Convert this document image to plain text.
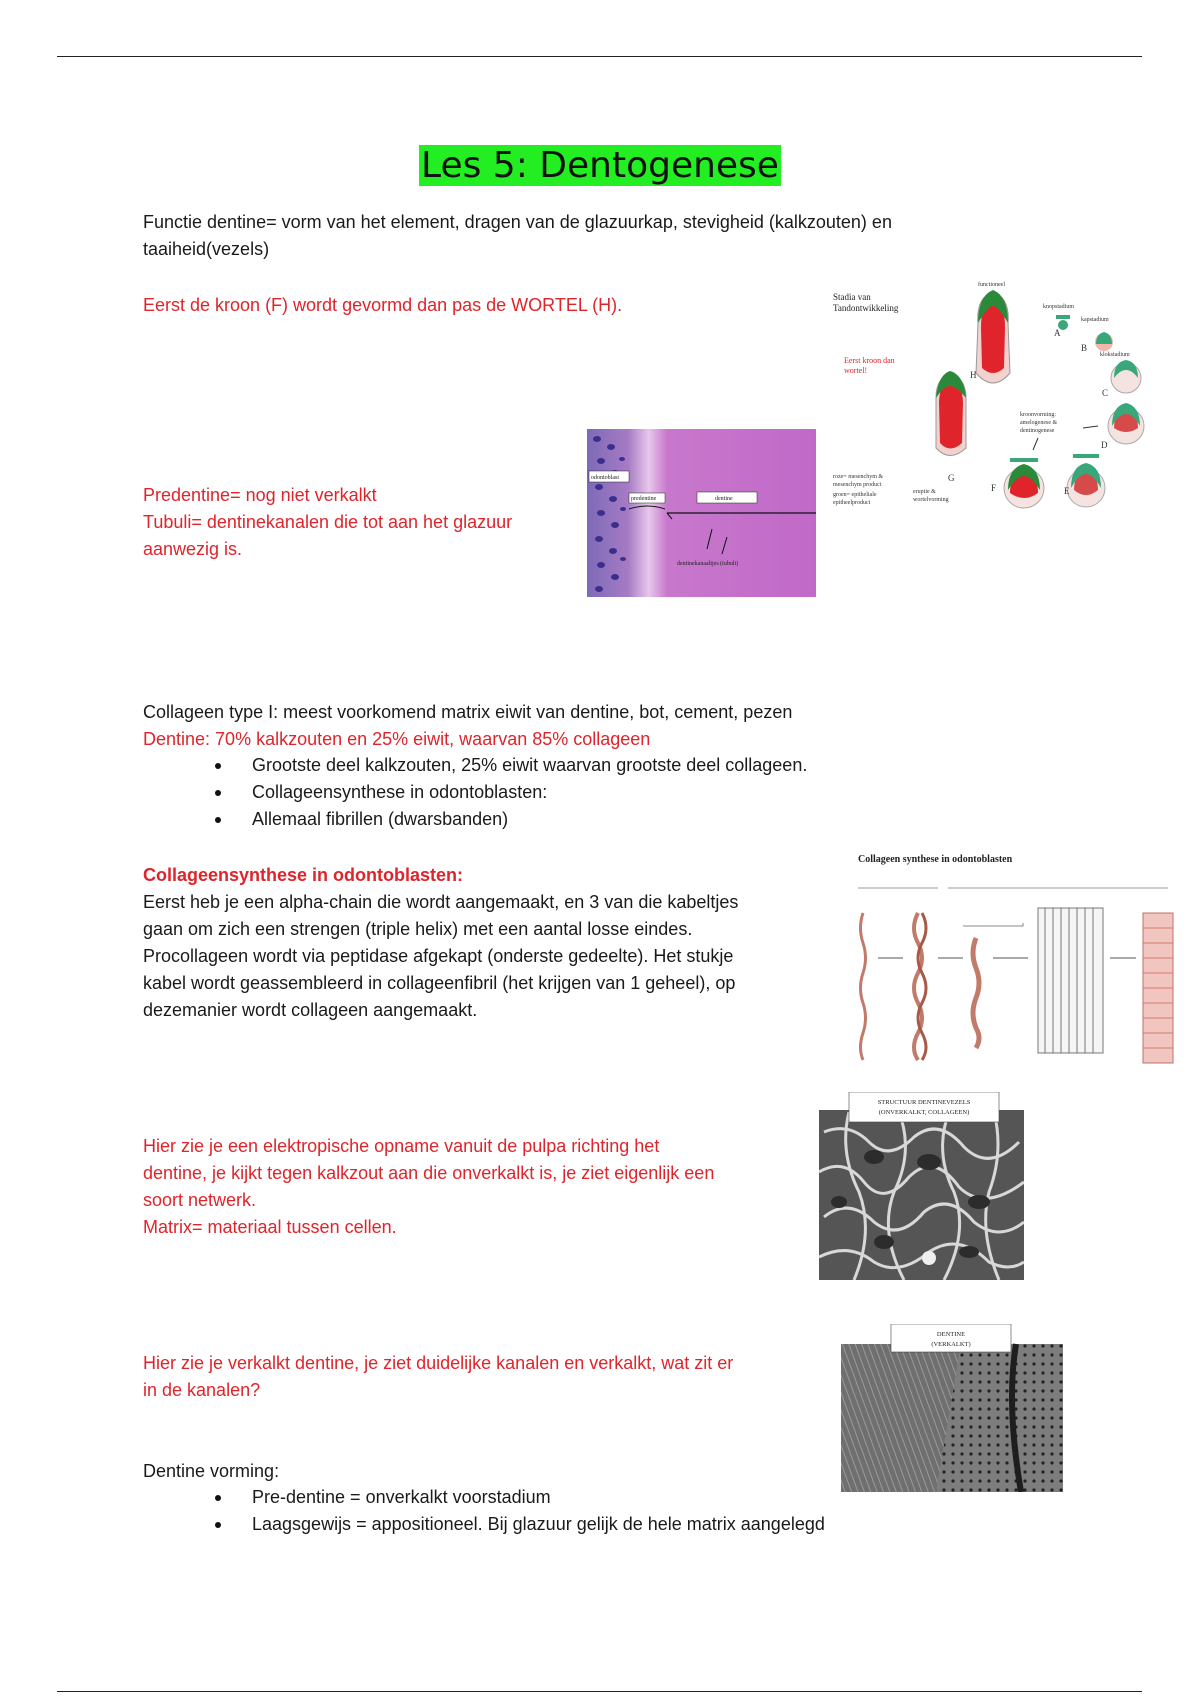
Les 5: Dentogenese
Functie dentine= vorm van het element, dragen van de glazuurkap, stevigheid (kalkzouten) en
taaiheid(vezels)
Eerst de kroon (F) wordt gevormd dan pas de WORTEL (H).
Predentine= nog niet verkalkt
Tubuli= dentinekanalen die tot aan het glazuur
aanwezig is.
Collageen type I: meest voorkomend matrix eiwit van dentine, bot, cement, pezen
Dentine: 70% kalkzouten en 25% eiwit, waarvan 85% collageen
Grootste deel kalkzouten, 25% eiwit waarvan grootste deel collageen.
Collageensynthese in odontoblasten:
Allemaal fibrillen (dwarsbanden)
Collageensynthese in odontoblasten:
Eerst heb je een alpha-chain die wordt aangemaakt, en 3 van die kabeltjes
gaan om zich een strengen (triple helix) met een aantal losse eindes.
Procollageen wordt via peptidase afgekapt (onderste gedeelte). Het stukje
kabel wordt geassembleerd in collageenfibril (het krijgen van 1 geheel), op
dezemanier wordt collageen aangemaakt.
Hier zie je een elektropische opname vanuit de pulpa richting het
dentine, je kijkt tegen kalkzout aan die onverkalkt is, je ziet eigenlijk een
soort netwerk.
Matrix= materiaal tussen cellen.
Hier zie je verkalkt dentine, je ziet duidelijke kanalen en verkalkt, wat zit er
in de kanalen?
Dentine vorming:
Pre-dentine = onverkalkt voorstadium
Laagsgewijs = appositioneel. Bij glazuur gelijk de hele matrix aangelegd
Stadia van
Tandontwikkeling
Eerst kroon dan
wortel!
roze= mesenchym &
mesenchym product
groen= epitheliale
epitheelproduct
eruptie &
wortelvorming
functioneel
knopstadium
kapstadium
klokstadium
kroonvorming:
amelogenese &
dentinogenese
H
G
F	E
D
C
B
A
odontoblast
predentine	dentine
dentinekanaaltjes (tubuli)
Collageen synthese in odontoblasten
STRUCTUUR DENTINEVEZELS
(ONVERKALKT, COLLAGEEN)
DENTINE
(VERKALKT)
